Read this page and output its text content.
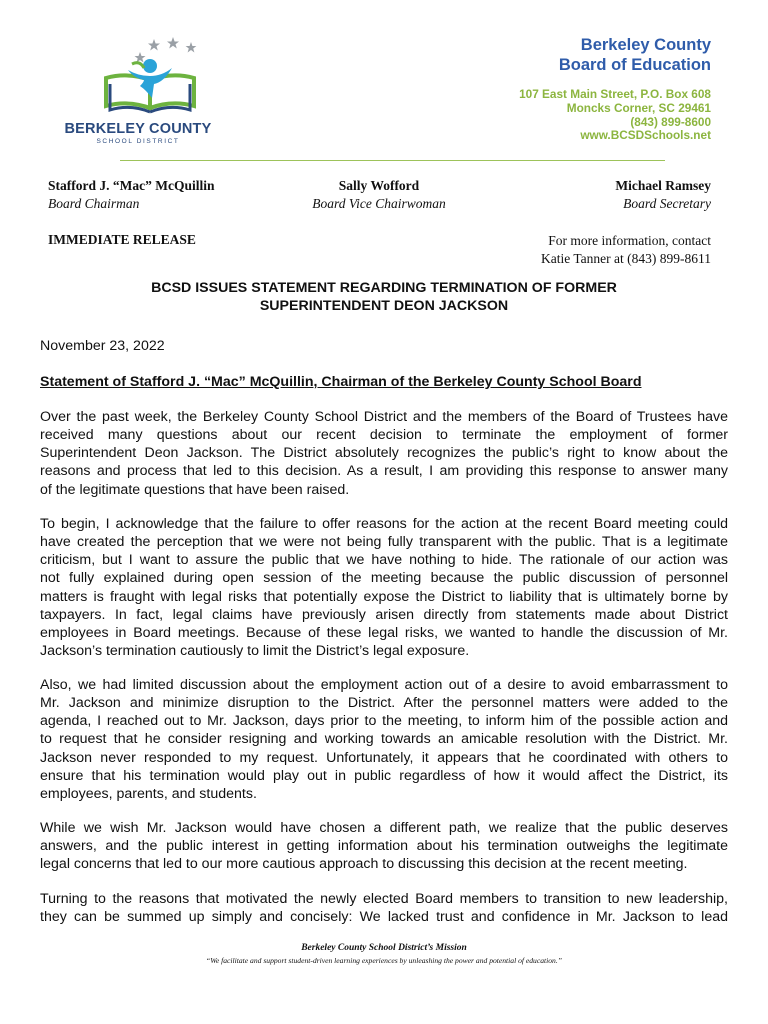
BERKELEY COUNTY
SCHOOL DISTRICT
Berkeley County
Board of Education
107 East Main Street, P.O. Box 608
Moncks Corner, SC 29461
(843) 899-8600
www.BCSDSchools.net
Stafford J. “Mac” McQuillin
Board Chairman
Sally Wofford
Board Vice Chairwoman
Michael Ramsey
Board Secretary
IMMEDIATE RELEASE	For more information, contact
Katie Tanner at (843) 899-8611
BCSD ISSUES STATEMENT REGARDING TERMINATION OF FORMER
SUPERINTENDENT DEON JACKSON
November 23, 2022
Statement of Stafford J. “Mac” McQuillin, Chairman of the Berkeley County School Board
Over the past week, the Berkeley County School District and the members of the Board of Trustees have
received many questions about our recent decision to terminate the employment of former
Superintendent Deon Jackson. The District absolutely recognizes the public’s right to know about the
reasons and process that led to this decision. As a result, I am providing this response to answer many
of the legitimate questions that have been raised.
To begin, I acknowledge that the failure to offer reasons for the action at the recent Board meeting could
have created the perception that we were not being fully transparent with the public. That is a legitimate
criticism, but I want to assure the public that we have nothing to hide. The rationale of our action was
not fully explained during open session of the meeting because the public discussion of personnel
matters is fraught with legal risks that potentially expose the District to liability that is ultimately borne by
taxpayers. In fact, legal claims have previously arisen directly from statements made about District
employees in Board meetings. Because of these legal risks, we wanted to handle the discussion of Mr.
Jackson’s termination cautiously to limit the District’s legal exposure.
Also, we had limited discussion about the employment action out of a desire to avoid embarrassment to
Mr. Jackson and minimize disruption to the District. After the personnel matters were added to the
agenda, I reached out to Mr. Jackson, days prior to the meeting, to inform him of the possible action and
to request that he consider resigning and working towards an amicable resolution with the District. Mr.
Jackson never responded to my request. Unfortunately, it appears that he coordinated with others to
ensure that his termination would play out in public regardless of how it would affect the District, its
employees, parents, and students.
While we wish Mr. Jackson would have chosen a different path, we realize that the public deserves
answers, and the public interest in getting information about his termination outweighs the legitimate
legal concerns that led to our more cautious approach to discussing this decision at the recent meeting.
Turning to the reasons that motivated the newly elected Board members to transition to new leadership,
they can be summed up simply and concisely: We lacked trust and confidence in Mr. Jackson to lead
Berkeley County School District’s Mission
“We facilitate and support student-driven learning experiences by unleashing the power and potential of education.”
